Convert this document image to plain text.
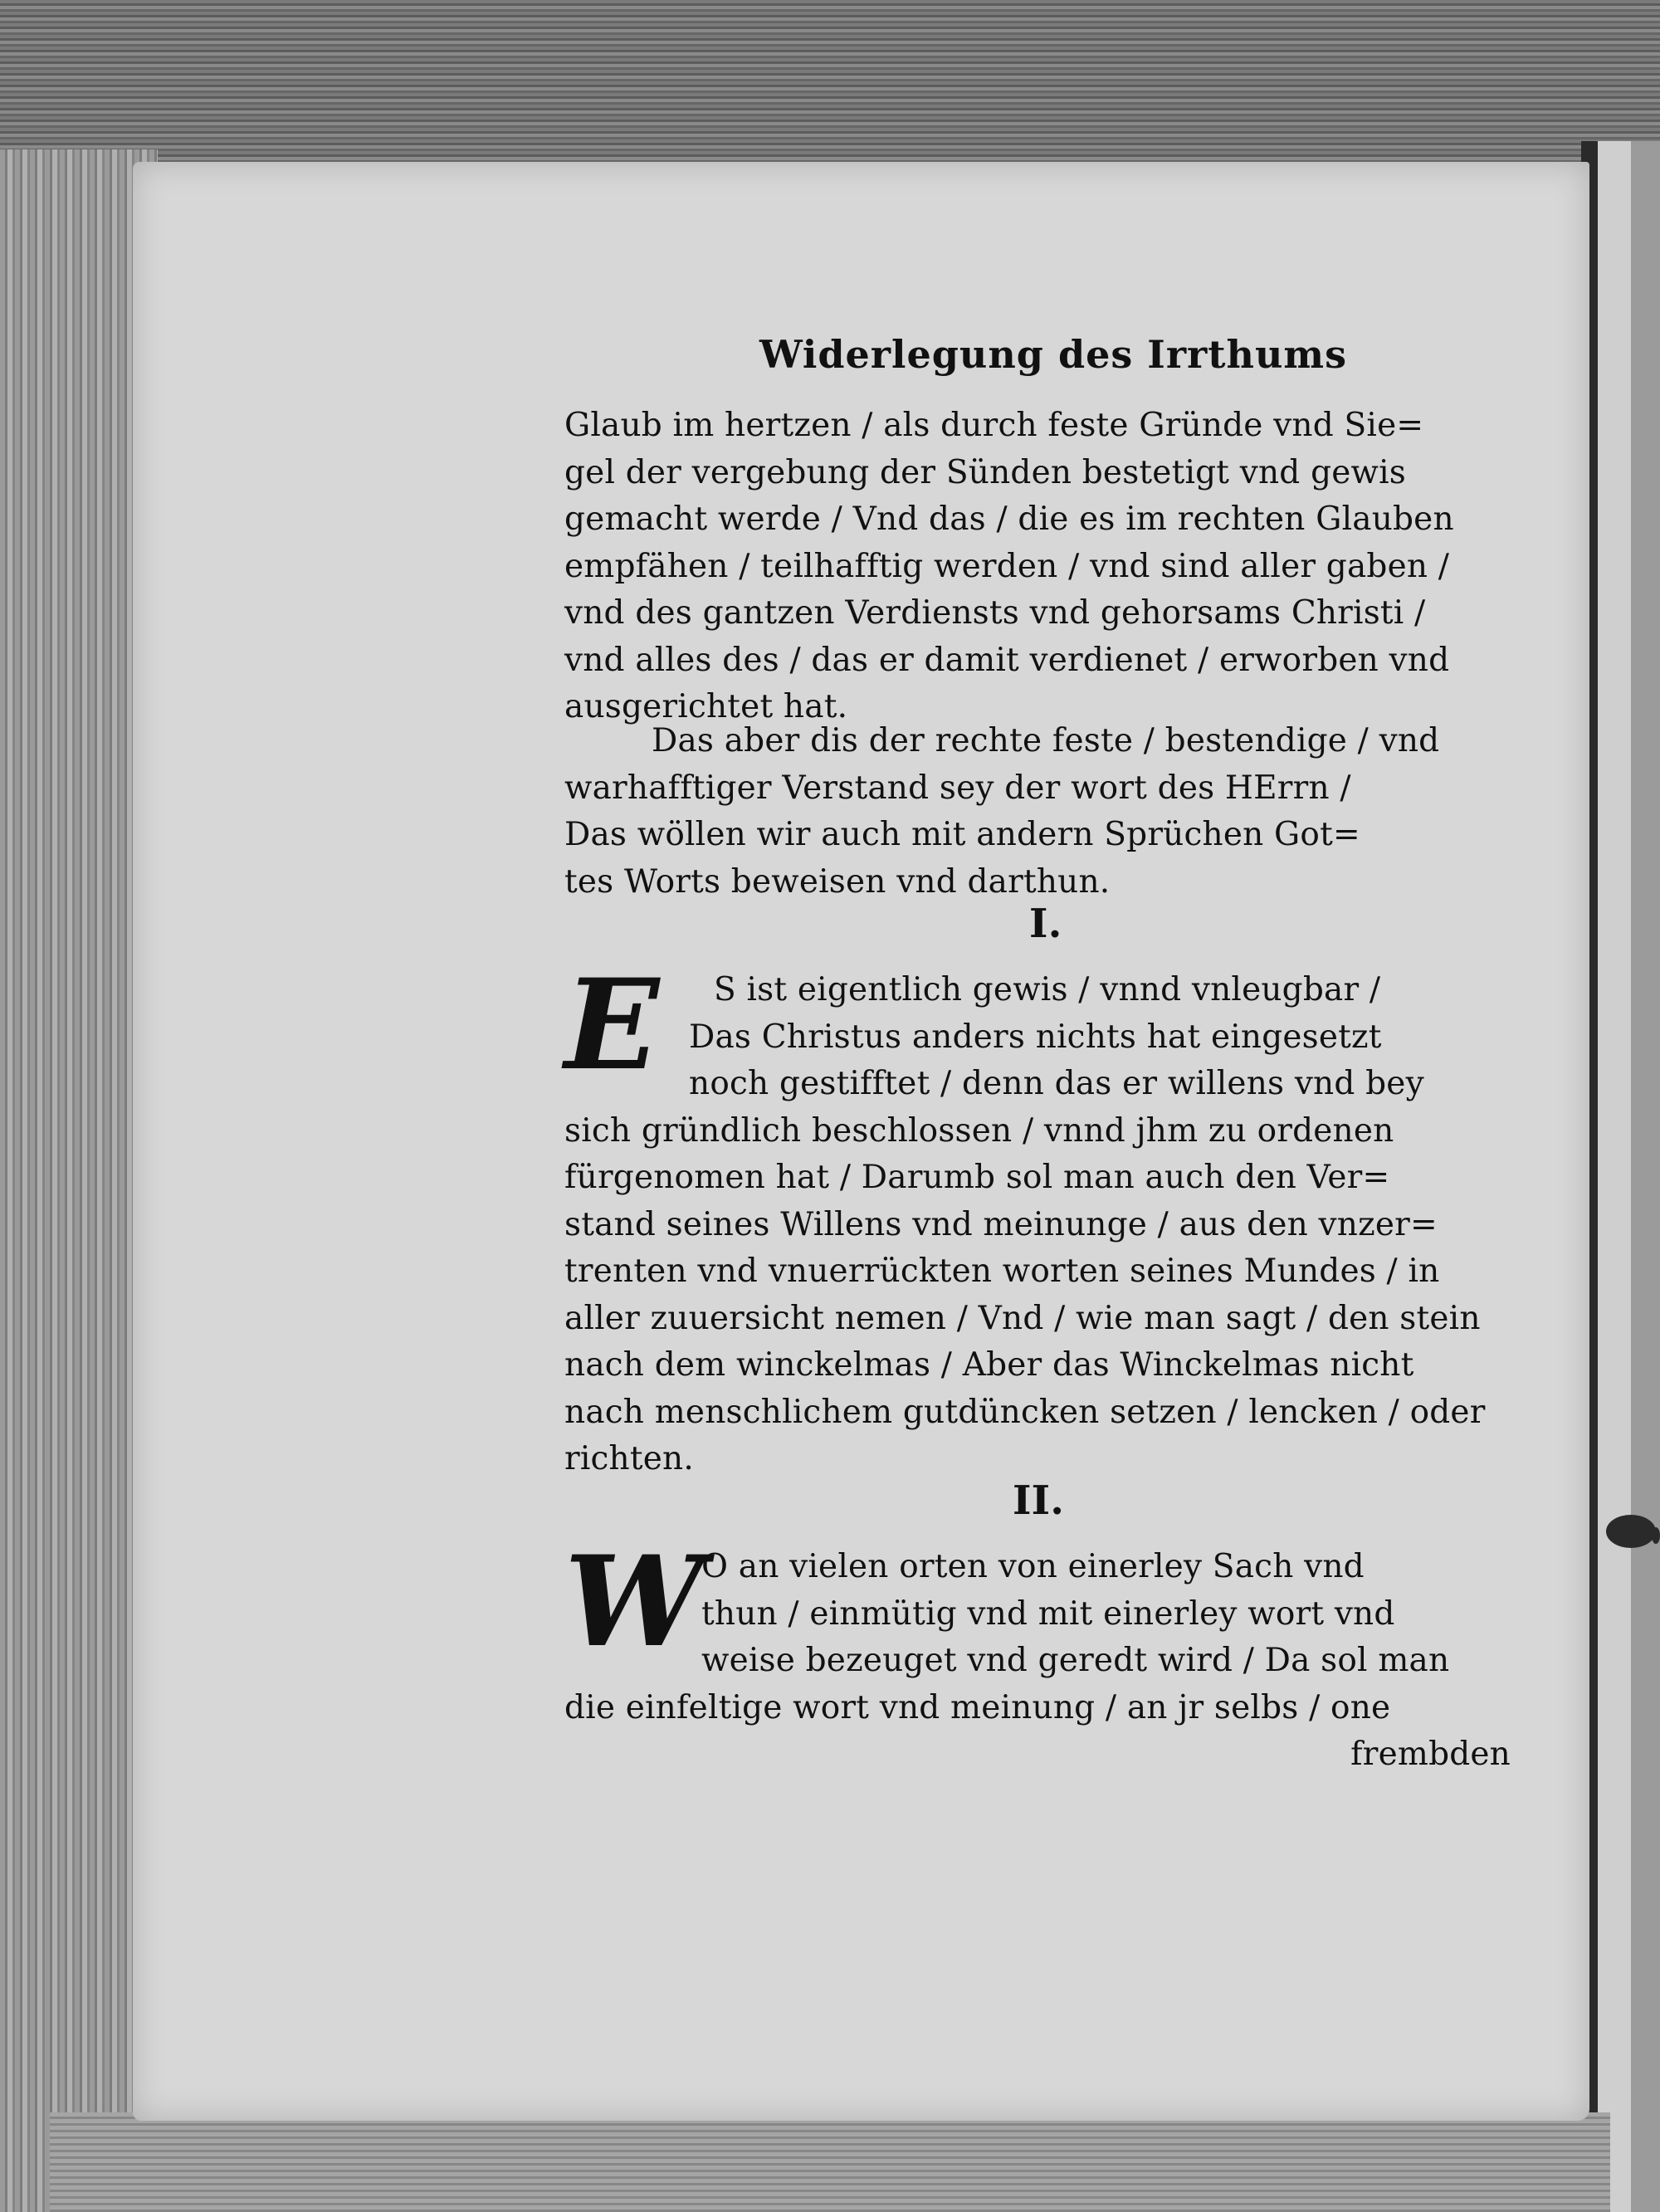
Widerlegung des Irrthums
Glaub im hertzen / als durch feste Gründe vnd Sie=
gel der vergebung der Sünden bestetigt vnd gewis
gemacht werde / Vnd das / die es im rechten Glauben
empfähen / teilhafftig werden / vnd sind aller gaben /
vnd des gantzen Verdiensts vnd gehorsams Christi /
vnd alles des / das er damit verdienet / erworben vnd
ausgerichtet hat.
Das aber dis der rechte feste / bestendige / vnd
warhafftiger Verstand sey der wort des HErrn /
Das wöllen wir auch mit andern Sprüchen Got=
tes Worts beweisen vnd darthun.
I.
E	S ist eigentlich gewis / vnnd vnleugbar /
Das Christus anders nichts hat eingesetzt
noch gestifftet / denn das er willens vnd bey
sich gründlich beschlossen / vnnd jhm zu ordenen
fürgenomen hat / Darumb sol man auch den Ver=
stand seines Willens vnd meinunge / aus den vnzer=
trenten vnd vnuerrückten worten seines Mundes / in
aller zuuersicht nemen / Vnd / wie man sagt / den stein
nach dem winckelmas / Aber das Winckelmas nicht
nach menschlichem gutdüncken setzen / lencken / oder
richten.
II.
W
O an vielen orten von einerley Sach vnd
thun / einmütig vnd mit einerley wort vnd
weise bezeuget vnd geredt wird / Da sol man
die einfeltige wort vnd meinung / an jr selbs / one
frembden
